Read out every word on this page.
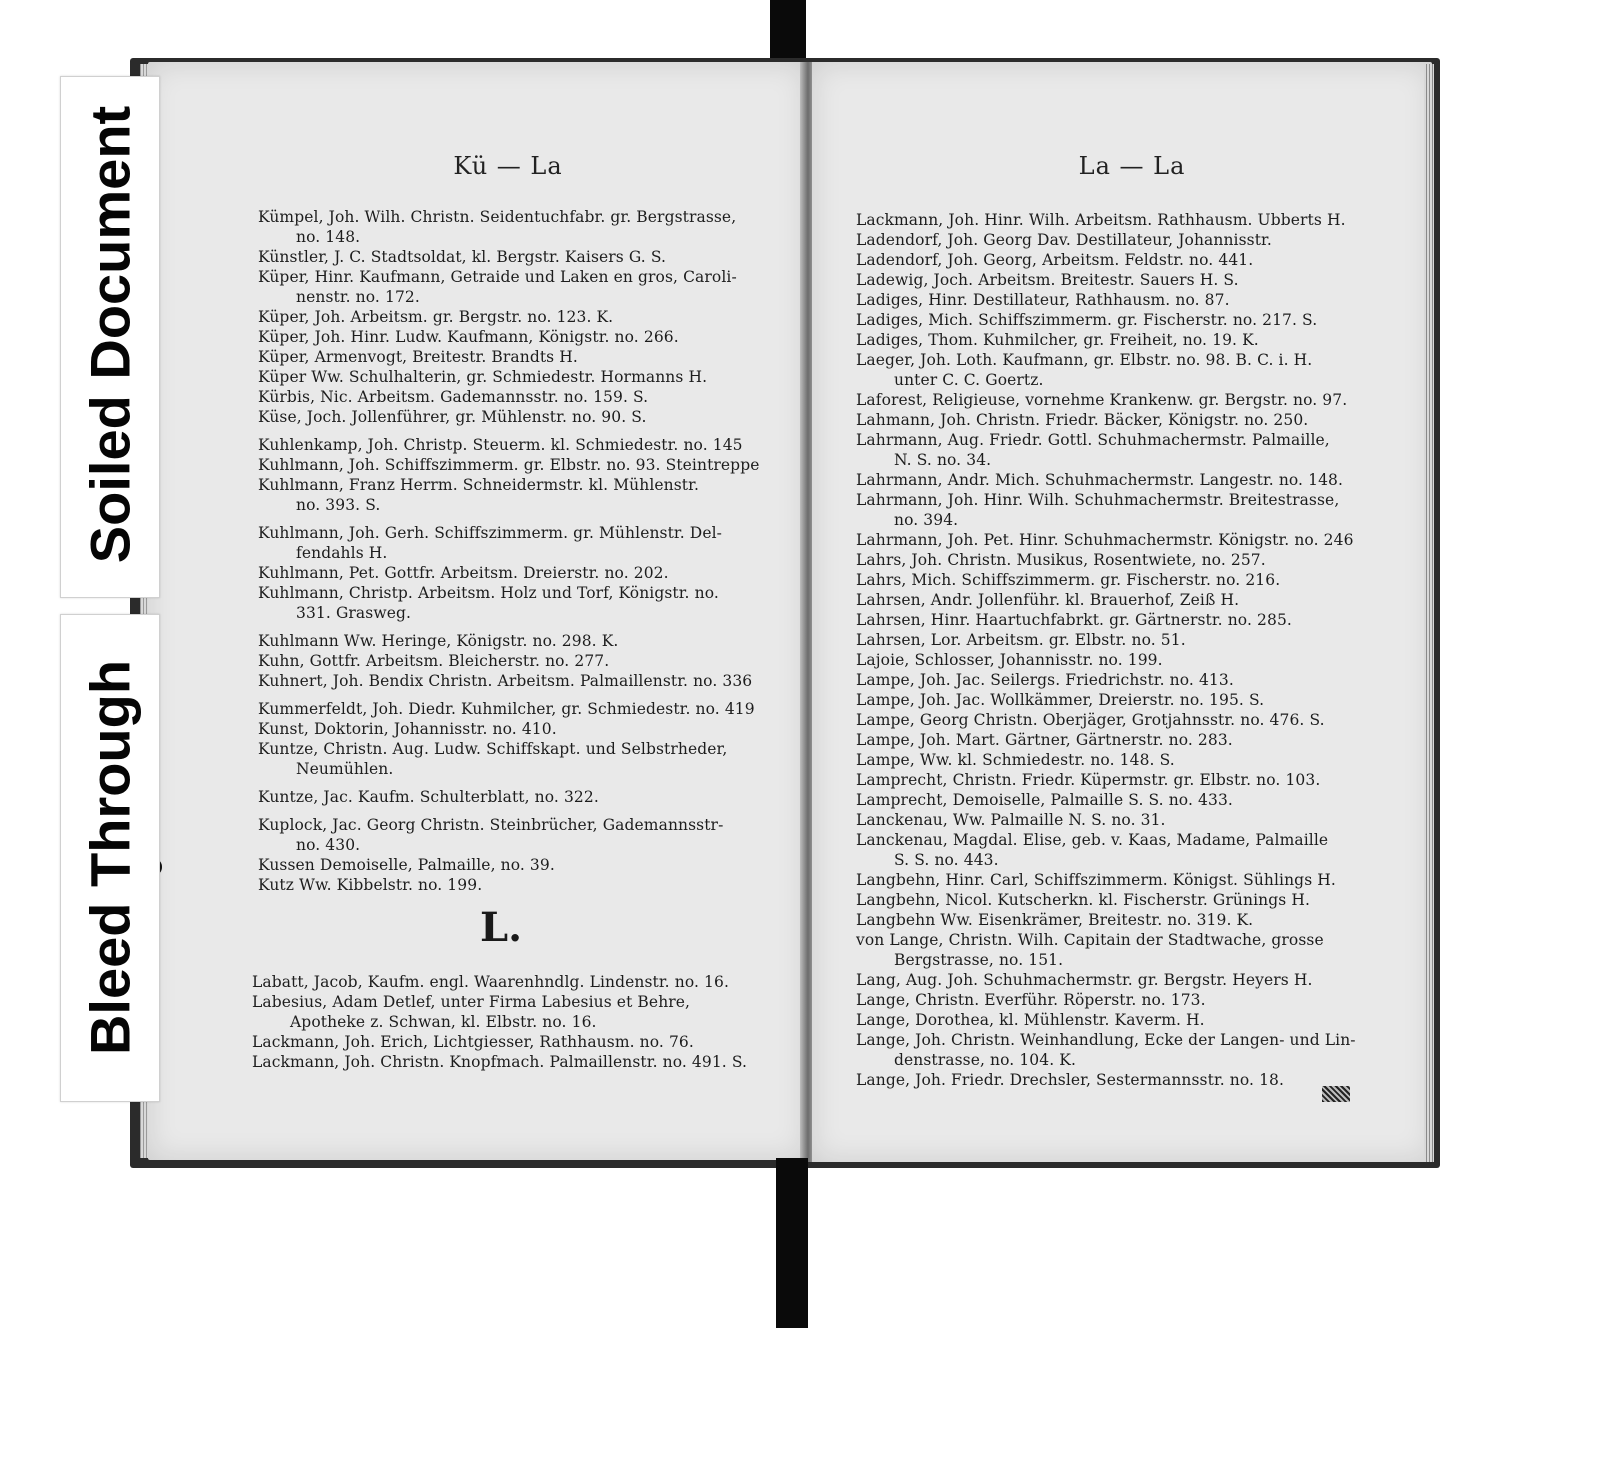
Kü — La
Kümpel, Joh. Wilh. Christn. Seidentuchfabr. gr. Bergstrasse,
no. 148.
Künstler, J. C. Stadtsoldat, kl. Bergstr. Kaisers G. S.
Küper, Hinr. Kaufmann, Getraide und Laken en gros, Caroli-
nenstr. no. 172.
Küper, Joh. Arbeitsm. gr. Bergstr. no. 123. K.
Küper, Joh. Hinr. Ludw. Kaufmann, Königstr. no. 266.
Küper, Armenvogt, Breitestr. Brandts H.
Küper Ww. Schulhalterin, gr. Schmiedestr. Hormanns H.
Kürbis, Nic. Arbeitsm. Gademannsstr. no. 159. S.
Küse, Joch. Jollenführer, gr. Mühlenstr. no. 90. S.
Kuhlenkamp, Joh. Christp. Steuerm. kl. Schmiedestr. no. 145
Kuhlmann, Joh. Schiffszimmerm. gr. Elbstr. no. 93. Steintreppe
Kuhlmann, Franz Herrm. Schneidermstr. kl. Mühlenstr.
no. 393. S.
Kuhlmann, Joh. Gerh. Schiffszimmerm. gr. Mühlenstr. Del-
fendahls H.
Kuhlmann, Pet. Gottfr. Arbeitsm. Dreierstr. no. 202.
Kuhlmann, Christp. Arbeitsm. Holz und Torf, Königstr. no.
331. Grasweg.
Kuhlmann Ww. Heringe, Königstr. no. 298. K.
Kuhn, Gottfr. Arbeitsm. Bleicherstr. no. 277.
Kuhnert, Joh. Bendix Christn. Arbeitsm. Palmaillenstr. no. 336
Kummerfeldt, Joh. Diedr. Kuhmilcher, gr. Schmiedestr. no. 419
Kunst, Doktorin, Johannisstr. no. 410.
Kuntze, Christn. Aug. Ludw. Schiffskapt. und Selbstrheder,
Neumühlen.
Kuntze, Jac. Kaufm. Schulterblatt, no. 322.
Kuplock, Jac. Georg Christn. Steinbrücher, Gademannsstr-
no. 430.
Kussen Demoiselle, Palmaille, no. 39.
Kutz Ww. Kibbelstr. no. 199.
L.
Labatt, Jacob, Kaufm. engl. Waarenhndlg. Lindenstr. no. 16.
Labesius, Adam Detlef, unter Firma Labesius et Behre,
Apotheke z. Schwan, kl. Elbstr. no. 16.
Lackmann, Joh. Erich, Lichtgiesser, Rathhausm. no. 76.
Lackmann, Joh. Christn. Knopfmach. Palmaillenstr. no. 491. S.
La — La
Lackmann, Joh. Hinr. Wilh. Arbeitsm. Rathhausm. Ubberts H.
Ladendorf, Joh. Georg Dav. Destillateur, Johannisstr.
Ladendorf, Joh. Georg, Arbeitsm. Feldstr. no. 441.
Ladewig, Joch. Arbeitsm. Breitestr. Sauers H. S.
Ladiges, Hinr. Destillateur, Rathhausm. no. 87.
Ladiges, Mich. Schiffszimmerm. gr. Fischerstr. no. 217. S.
Ladiges, Thom. Kuhmilcher, gr. Freiheit, no. 19. K.
Laeger, Joh. Loth. Kaufmann, gr. Elbstr. no. 98. B. C. i. H.
unter C. C. Goertz.
Laforest, Religieuse, vornehme Krankenw. gr. Bergstr. no. 97.
Lahmann, Joh. Christn. Friedr. Bäcker, Königstr. no. 250.
Lahrmann, Aug. Friedr. Gottl. Schuhmachermstr. Palmaille,
N. S. no. 34.
Lahrmann, Andr. Mich. Schuhmachermstr. Langestr. no. 148.
Lahrmann, Joh. Hinr. Wilh. Schuhmachermstr. Breitestrasse,
no. 394.
Lahrmann, Joh. Pet. Hinr. Schuhmachermstr. Königstr. no. 246
Lahrs, Joh. Christn. Musikus, Rosentwiete, no. 257.
Lahrs, Mich. Schiffszimmerm. gr. Fischerstr. no. 216.
Lahrsen, Andr. Jollenführ. kl. Brauerhof, Zeiß H.
Lahrsen, Hinr. Haartuchfabrkt. gr. Gärtnerstr. no. 285.
Lahrsen, Lor. Arbeitsm. gr. Elbstr. no. 51.
Lajoie, Schlosser, Johannisstr. no. 199.
Lampe, Joh. Jac. Seilergs. Friedrichstr. no. 413.
Lampe, Joh. Jac. Wollkämmer, Dreierstr. no. 195. S.
Lampe, Georg Christn. Oberjäger, Grotjahnsstr. no. 476. S.
Lampe, Joh. Mart. Gärtner, Gärtnerstr. no. 283.
Lampe, Ww. kl. Schmiedestr. no. 148. S.
Lamprecht, Christn. Friedr. Küpermstr. gr. Elbstr. no. 103.
Lamprecht, Demoiselle, Palmaille S. S. no. 433.
Lanckenau, Ww. Palmaille N. S. no. 31.
Lanckenau, Magdal. Elise, geb. v. Kaas, Madame, Palmaille
S. S. no. 443.
Langbehn, Hinr. Carl, Schiffszimmerm. Königst. Sühlings H.
Langbehn, Nicol. Kutscherkn. kl. Fischerstr. Grünings H.
Langbehn Ww. Eisenkrämer, Breitestr. no. 319. K.
von Lange, Christn. Wilh. Capitain der Stadtwache, grosse
Bergstrasse, no. 151.
Lang, Aug. Joh. Schuhmachermstr. gr. Bergstr. Heyers H.
Lange, Christn. Everführ. Röperstr. no. 173.
Lange, Dorothea, kl. Mühlenstr. Kaverm. H.
Lange, Joh. Christn. Weinhandlung, Ecke der Langen- und Lin-
denstrasse, no. 104. K.
Lange, Joh. Friedr. Drechsler, Sestermannsstr. no. 18.
Soiled Document
Bleed Through
